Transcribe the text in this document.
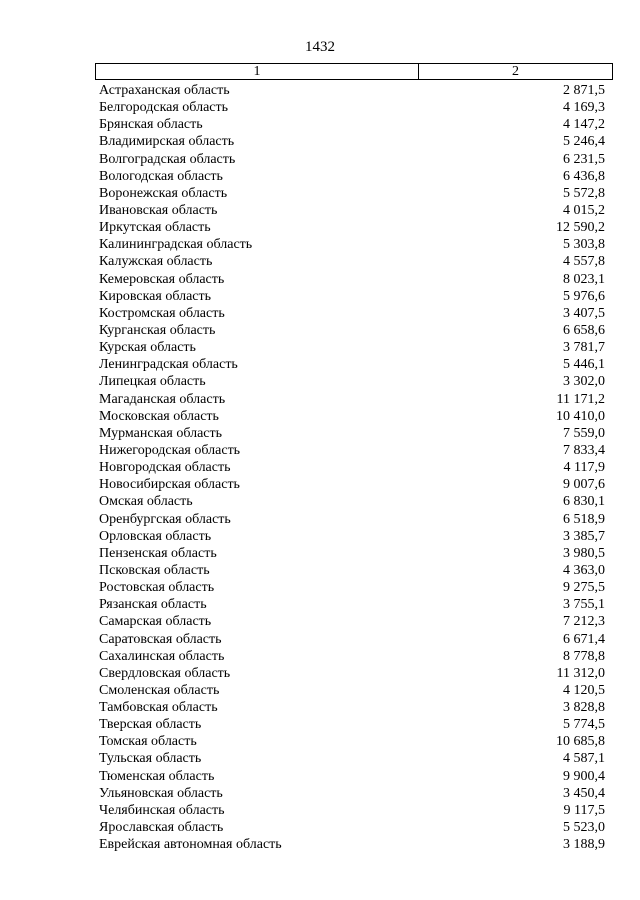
1432
1	2
Астраханская область	2 871,5
Белгородская область	4 169,3
Брянская область	4 147,2
Владимирская область	5 246,4
Волгоградская область	6 231,5
Вологодская область	6 436,8
Воронежская область	5 572,8
Ивановская область	4 015,2
Иркутская область	12 590,2
Калининградская область	5 303,8
Калужская область	4 557,8
Кемеровская область	8 023,1
Кировская область	5 976,6
Костромская область	3 407,5
Курганская область	6 658,6
Курская область	3 781,7
Ленинградская область	5 446,1
Липецкая область	3 302,0
Магаданская область	11 171,2
Московская область	10 410,0
Мурманская область	7 559,0
Нижегородская область	7 833,4
Новгородская область	4 117,9
Новосибирская область	9 007,6
Омская область	6 830,1
Оренбургская область	6 518,9
Орловская область	3 385,7
Пензенская область	3 980,5
Псковская область	4 363,0
Ростовская область	9 275,5
Рязанская область	3 755,1
Самарская область	7 212,3
Саратовская область	6 671,4
Сахалинская область	8 778,8
Свердловская область	11 312,0
Смоленская область	4 120,5
Тамбовская область	3 828,8
Тверская область	5 774,5
Томская область	10 685,8
Тульская область	4 587,1
Тюменская область	9 900,4
Ульяновская область	3 450,4
Челябинская область	9 117,5
Ярославская область	5 523,0
Еврейская автономная область	3 188,9
